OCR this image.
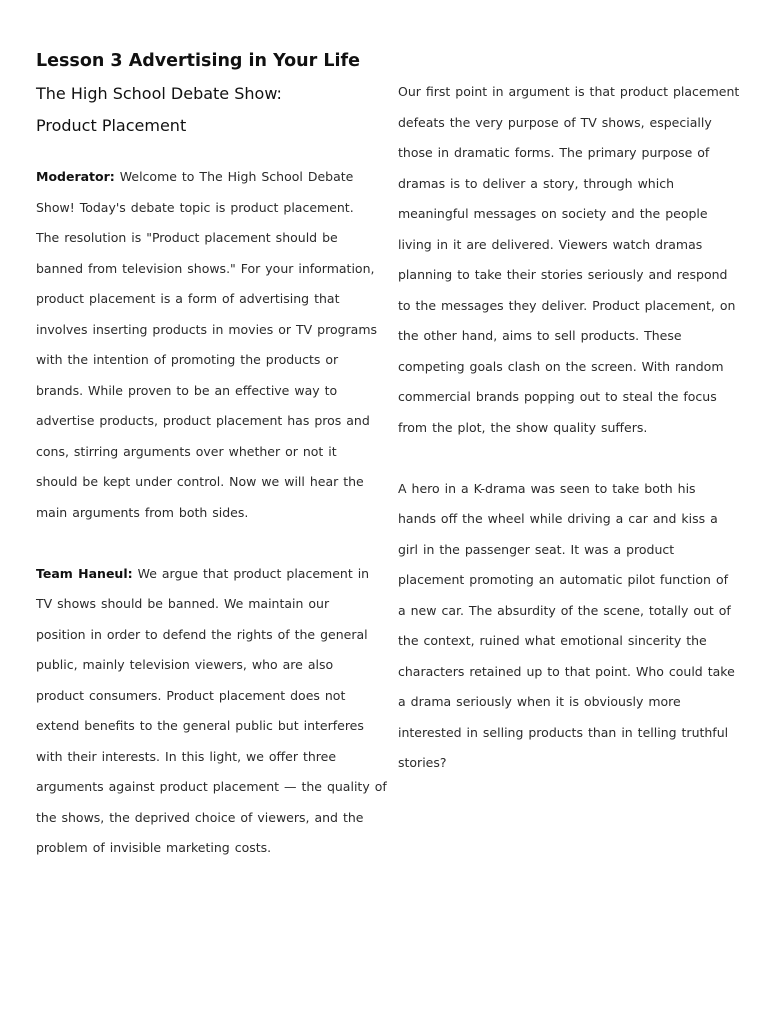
Lesson 3 Advertising in Your Life
The High School Debate Show:
Product Placement

Moderator: Welcome to The High School Debate
Show! Today's debate topic is product placement.
The resolution is "Product placement should be
banned from television shows." For your information,
product placement is a form of advertising that
involves inserting products in movies or TV programs
with the intention of promoting the products or
brands. While proven to be an effective way to
advertise products, product placement has pros and
cons, stirring arguments over whether or not it
should be kept under control. Now we will hear the
main arguments from both sides.

Team Haneul: We argue that product placement in
TV shows should be banned. We maintain our
position in order to defend the rights of the general
public, mainly television viewers, who are also
product consumers. Product placement does not
extend benefits to the general public but interferes
with their interests. In this light, we offer three
arguments against product placement — the quality of
the shows, the deprived choice of viewers, and the
problem of invisible marketing costs.

Our first point in argument is that product placement
defeats the very purpose of TV shows, especially
those in dramatic forms. The primary purpose of
dramas is to deliver a story, through which
meaningful messages on society and the people
living in it are delivered. Viewers watch dramas
planning to take their stories seriously and respond
to the messages they deliver. Product placement, on
the other hand, aims to sell products. These
competing goals clash on the screen. With random
commercial brands popping out to steal the focus
from the plot, the show quality suffers.

A hero in a K-drama was seen to take both his
hands off the wheel while driving a car and kiss a
girl in the passenger seat. It was a product
placement promoting an automatic pilot function of
a new car. The absurdity of the scene, totally out of
the context, ruined what emotional sincerity the
characters retained up to that point. Who could take
a drama seriously when it is obviously more
interested in selling products than in telling truthful
stories?
